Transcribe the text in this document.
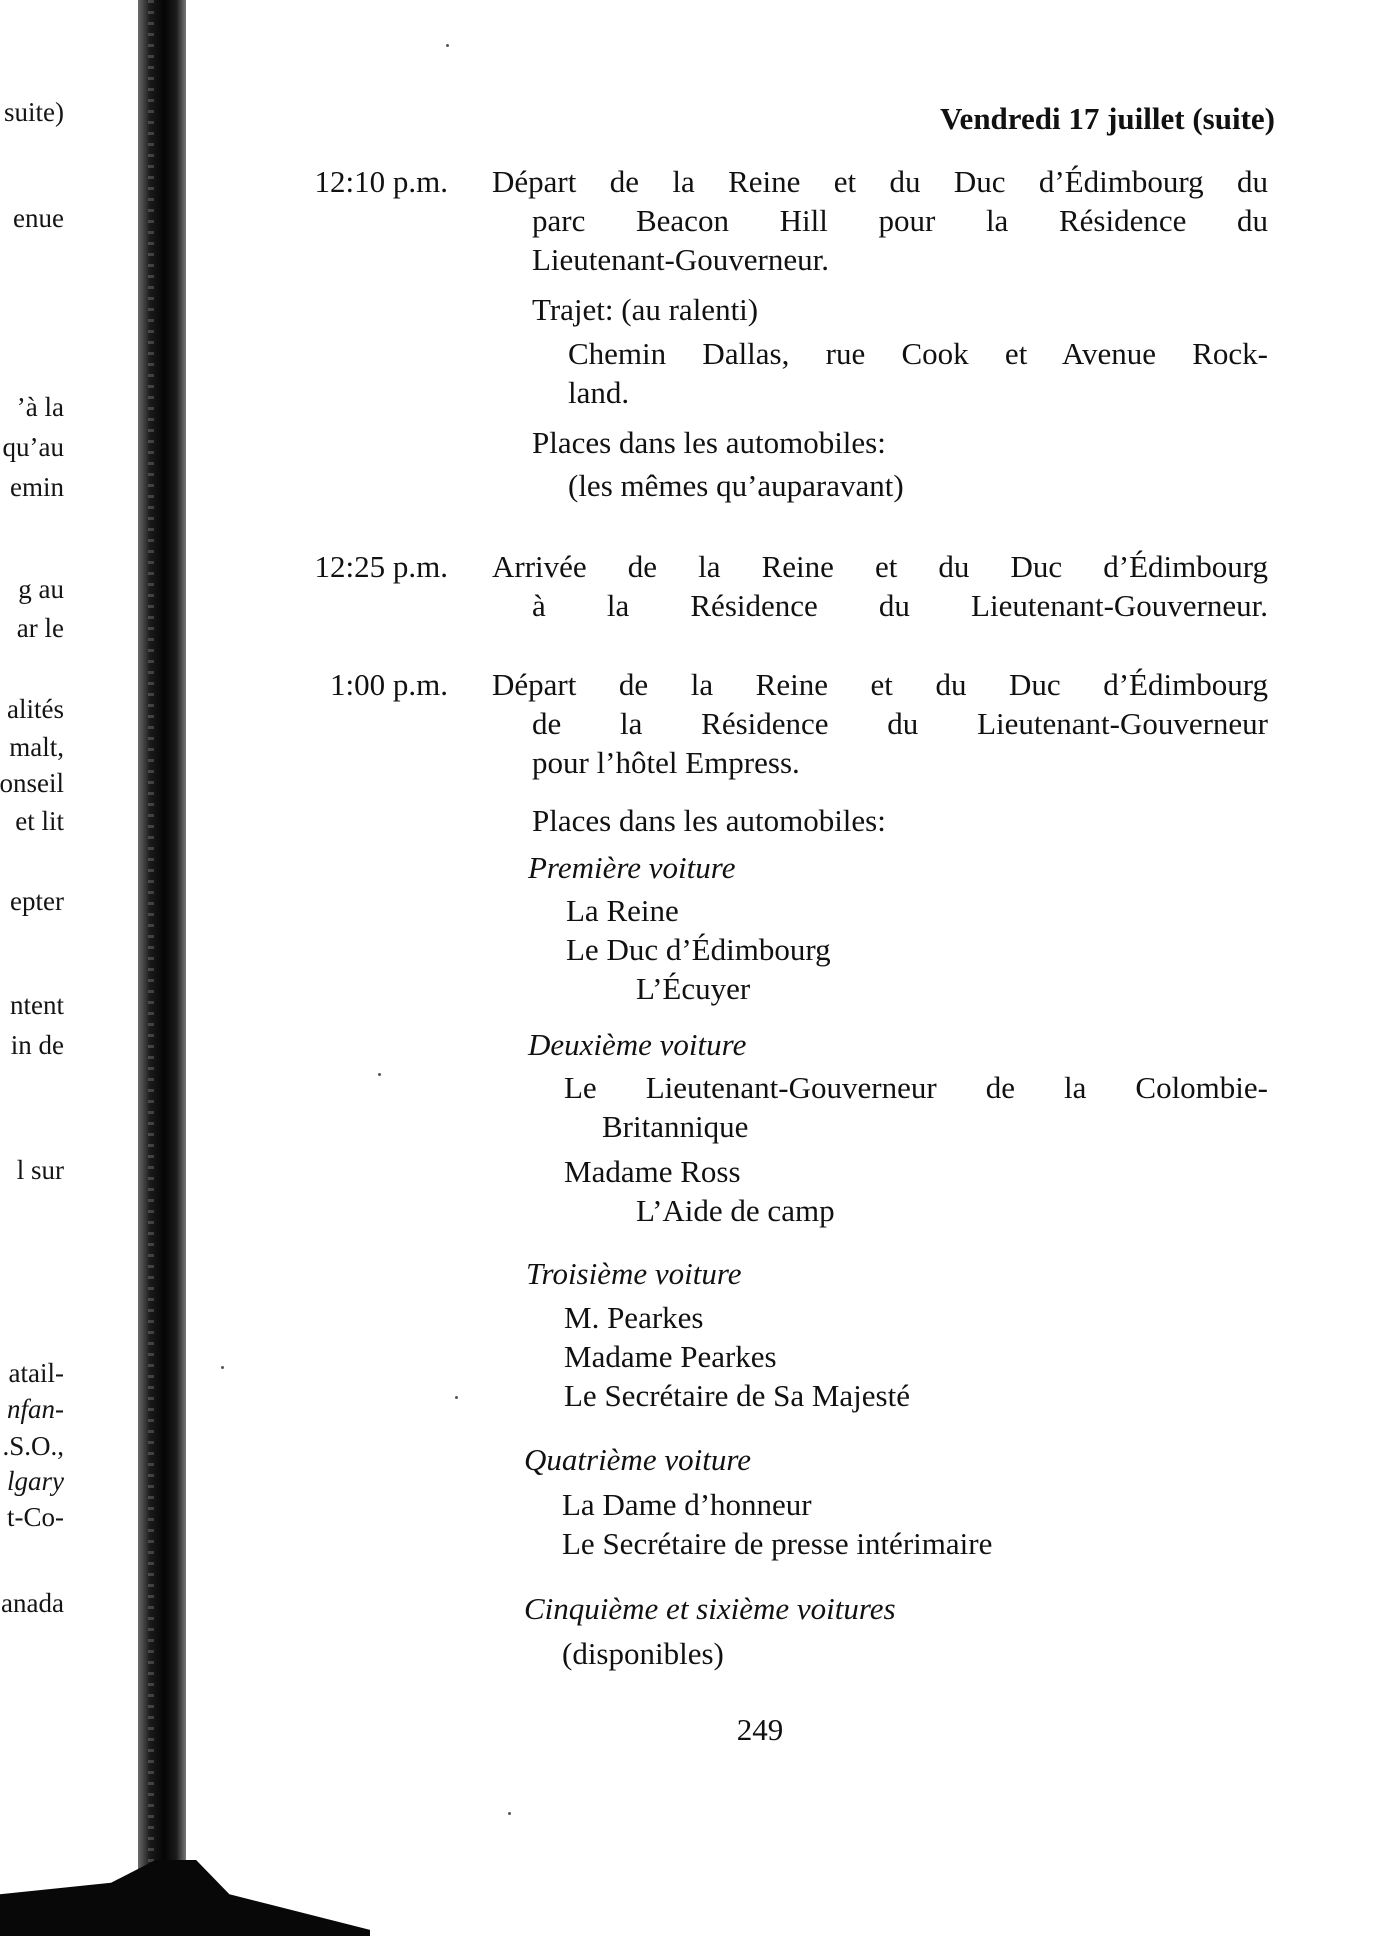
suite)
enue
’à la
qu’au
emin
g au
ar le
alités
malt,
onseil
et lit
epter
ntent
in de
l sur
atail-
nfan-
.S.O.,
lgary
t-Co-
anada
Vendredi 17 juillet (suite)
12:10 p.m. Départ de la Reine et du Duc d’Édimbourg du
parc Beacon Hill pour la Résidence du
Lieutenant-Gouverneur.
Trajet: (au ralenti)
Chemin Dallas, rue Cook et Avenue Rock-
land.
Places dans les automobiles:
(les mêmes qu’auparavant)
12:25 p.m. Arrivée de la Reine et du Duc d’Édimbourg
à la Résidence du Lieutenant-Gouverneur.
1:00 p.m. Départ de la Reine et du Duc d’Édimbourg
de la Résidence du Lieutenant-Gouverneur
pour l’hôtel Empress.
Places dans les automobiles:
Première voiture
La Reine
Le Duc d’Édimbourg
L’Écuyer
Deuxième voiture
Le Lieutenant-Gouverneur de la Colombie-
Britannique
Madame Ross
L’Aide de camp
Troisième voiture
M. Pearkes
Madame Pearkes
Le Secrétaire de Sa Majesté
Quatrième voiture
La Dame d’honneur
Le Secrétaire de presse intérimaire
Cinquième et sixième voitures
(disponibles)
249
